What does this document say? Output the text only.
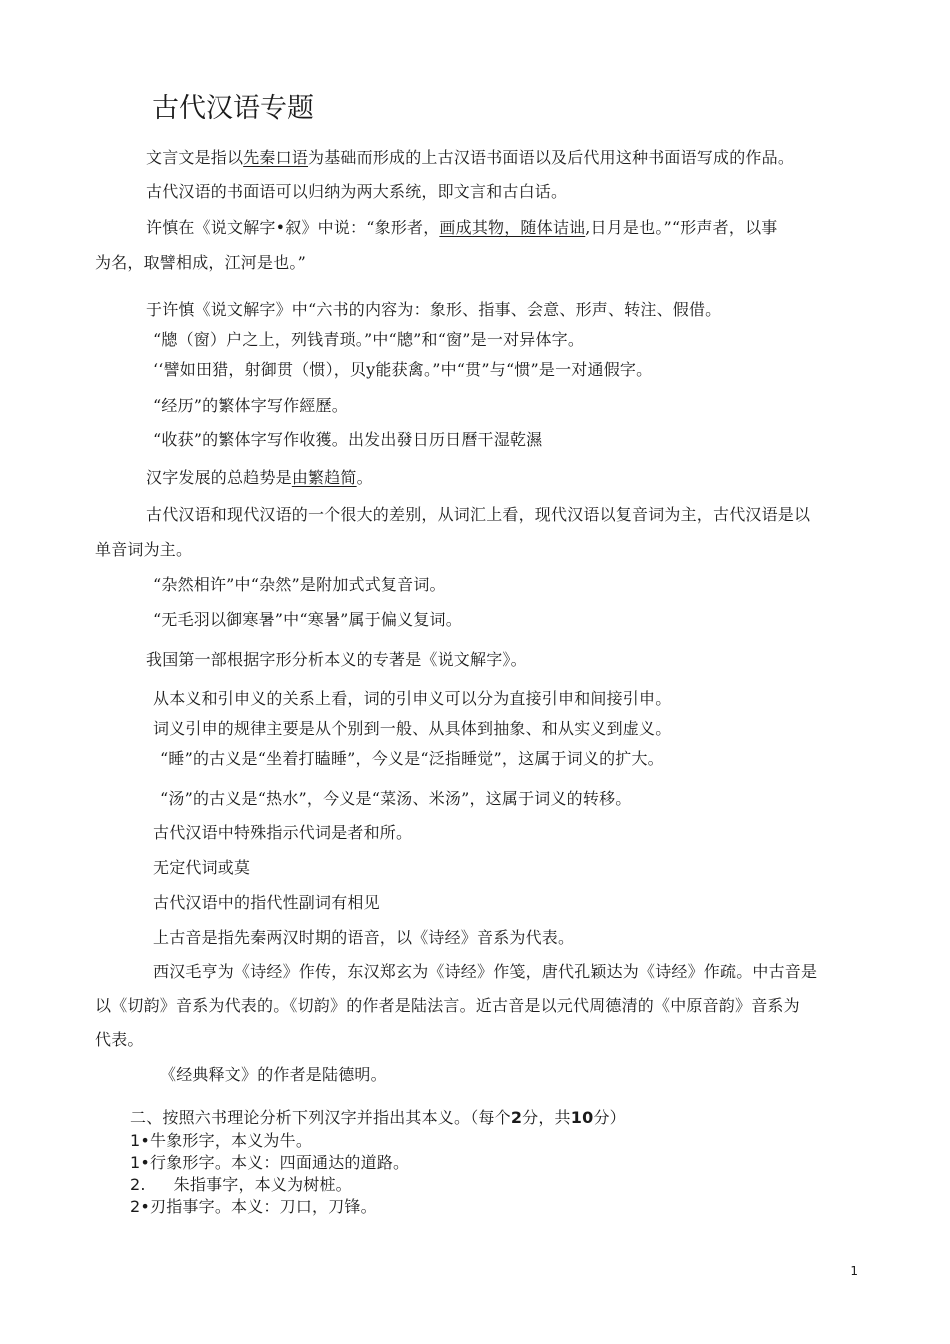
古代汉语专题
文言文是指以先秦口语为基础而形成的上古汉语书面语以及后代用这种书面语写成的作品。
古代汉语的书面语可以归纳为两大系统，即文言和古白话。
许慎在《说文解字•叙》中说：“象形者，画成其物，随体诘诎,日月是也。”“形声者，以事
为名，取譬相成，江河是也。”
于许慎《说文解字》中“六书的内容为：象形、指事、会意、形声、转注、假借。
“牕（窗）户之上，列钱青琐。”中“牕”和“窗”是一对异体字。
‘‘譬如田猎，射御贯（惯），贝y能获禽。”中“贯”与“惯”是一对通假字。
“经历”的繁体字写作經歷。
“收获”的繁体字写作收獲。出发出發日历日曆干湿乾濕
汉字发展的总趋势是由繁趋简。
古代汉语和现代汉语的一个很大的差别，从词汇上看，现代汉语以复音词为主，古代汉语是以
单音词为主。
“杂然相许”中“杂然”是附加式式复音词。
“无毛羽以御寒暑”中“寒暑”属于偏义复词。
我国第一部根据字形分析本义的专著是《说文解字》。
从本义和引申义的关系上看，词的引申义可以分为直接引申和间接引申。
词义引申的规律主要是从个别到一般、从具体到抽象、和从实义到虚义。
“睡”的古义是“坐着打瞌睡”，今义是“泛指睡觉”，这属于词义的扩大。
“汤”的古义是“热水”，今义是“菜汤、米汤”，这属于词义的转移。
古代汉语中特殊指示代词是者和所。
无定代词或莫
古代汉语中的指代性副词有相见
上古音是指先秦两汉时期的语音，以《诗经》音系为代表。
西汉毛亨为《诗经》作传，东汉郑玄为《诗经》作笺，唐代孔颖达为《诗经》作疏。中古音是
以《切韵》音系为代表的。《切韵》的作者是陆法言。近古音是以元代周德清的《中原音韵》音系为
代表。
《经典释文》的作者是陆德明。
二、按照六书理论分析下列汉字并指出其本义。（每个2分，共10分）
1•牛象形字，本义为牛。
1•行象形字。本义：四面通达的道路。
2. 朱指事字，本义为树桩。
2•刃指事字。本义：刀口，刀锋。
1
